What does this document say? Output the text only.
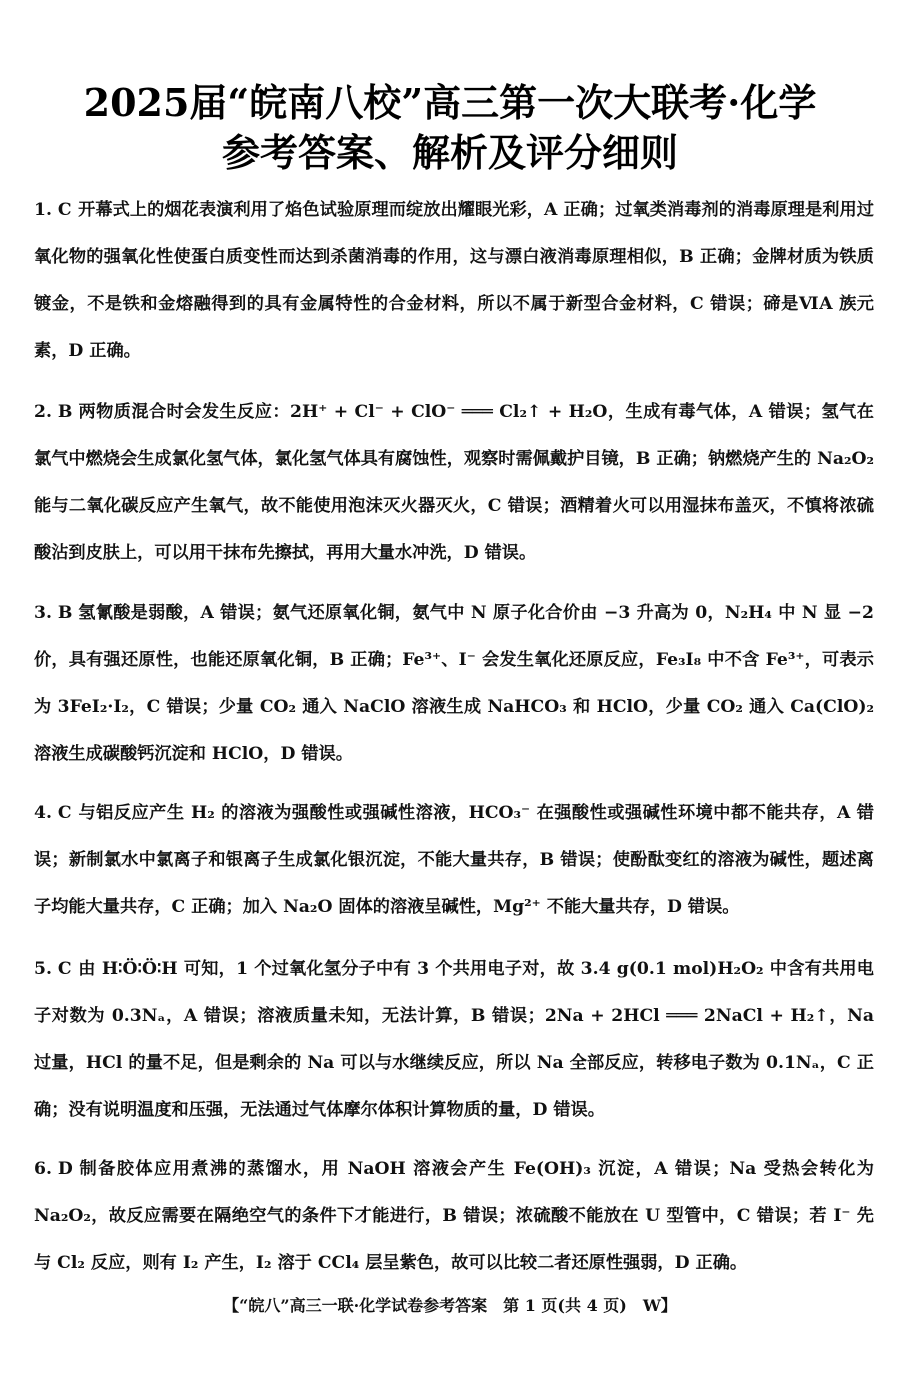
2025届“皖南八校”高三第一次大联考·化学
参考答案、解析及评分细则
1. C 开幕式上的烟花表演利用了焰色试验原理而绽放出耀眼光彩，A 正确；过氧类消毒剂的消毒原理是利用过氧化物的强氧化性使蛋白质变性而达到杀菌消毒的作用，这与漂白液消毒原理相似，B 正确；金牌材质为铁质镀金，不是铁和金熔融得到的具有金属特性的合金材料，所以不属于新型合金材料，C 错误；碲是ⅥA 族元素，D 正确。
2. B 两物质混合时会发生反应：2H⁺ + Cl⁻ + ClO⁻ ═══ Cl₂↑ + H₂O，生成有毒气体，A 错误；氢气在氯气中燃烧会生成氯化氢气体，氯化氢气体具有腐蚀性，观察时需佩戴护目镜，B 正确；钠燃烧产生的 Na₂O₂ 能与二氧化碳反应产生氧气，故不能使用泡沫灭火器灭火，C 错误；酒精着火可以用湿抹布盖灭，不慎将浓硫酸沾到皮肤上，可以用干抹布先擦拭，再用大量水冲洗，D 错误。
3. B 氢氰酸是弱酸，A 错误；氨气还原氧化铜，氨气中 N 原子化合价由 −3 升高为 0，N₂H₄ 中 N 显 −2 价，具有强还原性，也能还原氧化铜，B 正确；Fe³⁺、I⁻ 会发生氧化还原反应，Fe₃I₈ 中不含 Fe³⁺，可表示为 3FeI₂·I₂，C 错误；少量 CO₂ 通入 NaClO 溶液生成 NaHCO₃ 和 HClO，少量 CO₂ 通入 Ca(ClO)₂ 溶液生成碳酸钙沉淀和 HClO，D 错误。
4. C 与铝反应产生 H₂ 的溶液为强酸性或强碱性溶液，HCO₃⁻ 在强酸性或强碱性环境中都不能共存，A 错误；新制氯水中氯离子和银离子生成氯化银沉淀，不能大量共存，B 错误；使酚酞变红的溶液为碱性，题述离子均能大量共存，C 正确；加入 Na₂O 固体的溶液呈碱性，Mg²⁺ 不能大量共存，D 错误。
5. C 由 H∶Ö∶Ö∶H 可知，1 个过氧化氢分子中有 3 个共用电子对，故 3.4 g(0.1 mol)H₂O₂ 中含有共用电子对数为 0.3Nₐ，A 错误；溶液质量未知，无法计算，B 错误；2Na + 2HCl ═══ 2NaCl + H₂↑，Na 过量，HCl 的量不足，但是剩余的 Na 可以与水继续反应，所以 Na 全部反应，转移电子数为 0.1Nₐ，C 正确；没有说明温度和压强，无法通过气体摩尔体积计算物质的量，D 错误。
6. D 制备胶体应用煮沸的蒸馏水，用 NaOH 溶液会产生 Fe(OH)₃ 沉淀，A 错误；Na 受热会转化为 Na₂O₂，故反应需要在隔绝空气的条件下才能进行，B 错误；浓硫酸不能放在 U 型管中，C 错误；若 I⁻ 先与 Cl₂ 反应，则有 I₂ 产生，I₂ 溶于 CCl₄ 层呈紫色，故可以比较二者还原性强弱，D 正确。
【“皖八”高三一联·化学试卷参考答案　第 1 页(共 4 页)　W】
